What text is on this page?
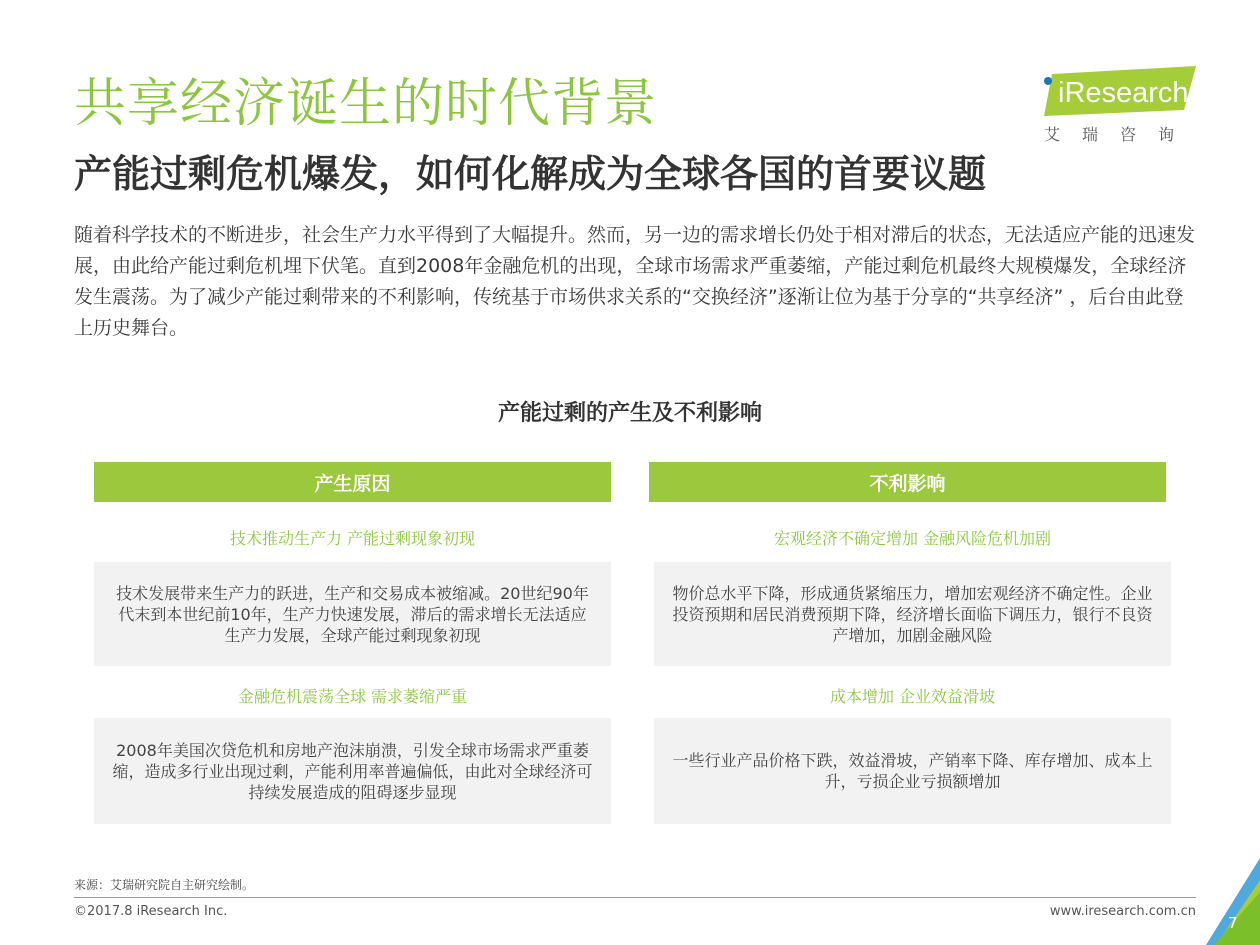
共享经济诞生的时代背景
产能过剩危机爆发，如何化解成为全球各国的首要议题
iResearch
艾瑞咨询

随着科学技术的不断进步，社会生产力水平得到了大幅提升。然而，另一边的需求增长仍处于相对滞后的状态，无法适应产能的迅速发展，由此给产能过剩危机埋下伏笔。直到2008年金融危机的出现，全球市场需求严重萎缩，产能过剩危机最终大规模爆发，全球经济发生震荡。为了减少产能过剩带来的不利影响，传统基于市场供求关系的“交换经济”逐渐让位为基于分享的“共享经济” ，后台由此登上历史舞台。

产能过剩的产生及不利影响
产生原因
技术推动生产力 产能过剩现象初现
技术发展带来生产力的跃进，生产和交易成本被缩减。20世纪90年代末到本世纪前10年，生产力快速发展，滞后的需求增长无法适应生产力发展，全球产能过剩现象初现
金融危机震荡全球 需求萎缩严重
2008年美国次贷危机和房地产泡沫崩溃，引发全球市场需求严重萎缩，造成多行业出现过剩，产能利用率普遍偏低，由此对全球经济可持续发展造成的阻碍逐步显现
不利影响
宏观经济不确定增加 金融风险危机加剧
物价总水平下降，形成通货紧缩压力，增加宏观经济不确定性。企业投资预期和居民消费预期下降，经济增长面临下调压力，银行不良资产增加，加剧金融风险
成本增加 企业效益滑坡
一些行业产品价格下跌，效益滑坡，产销率下降、库存增加、成本上升，亏损企业亏损额增加
来源：艾瑞研究院自主研究绘制。
©2017.8 iResearch Inc.	www.iresearch.com.cn
7
